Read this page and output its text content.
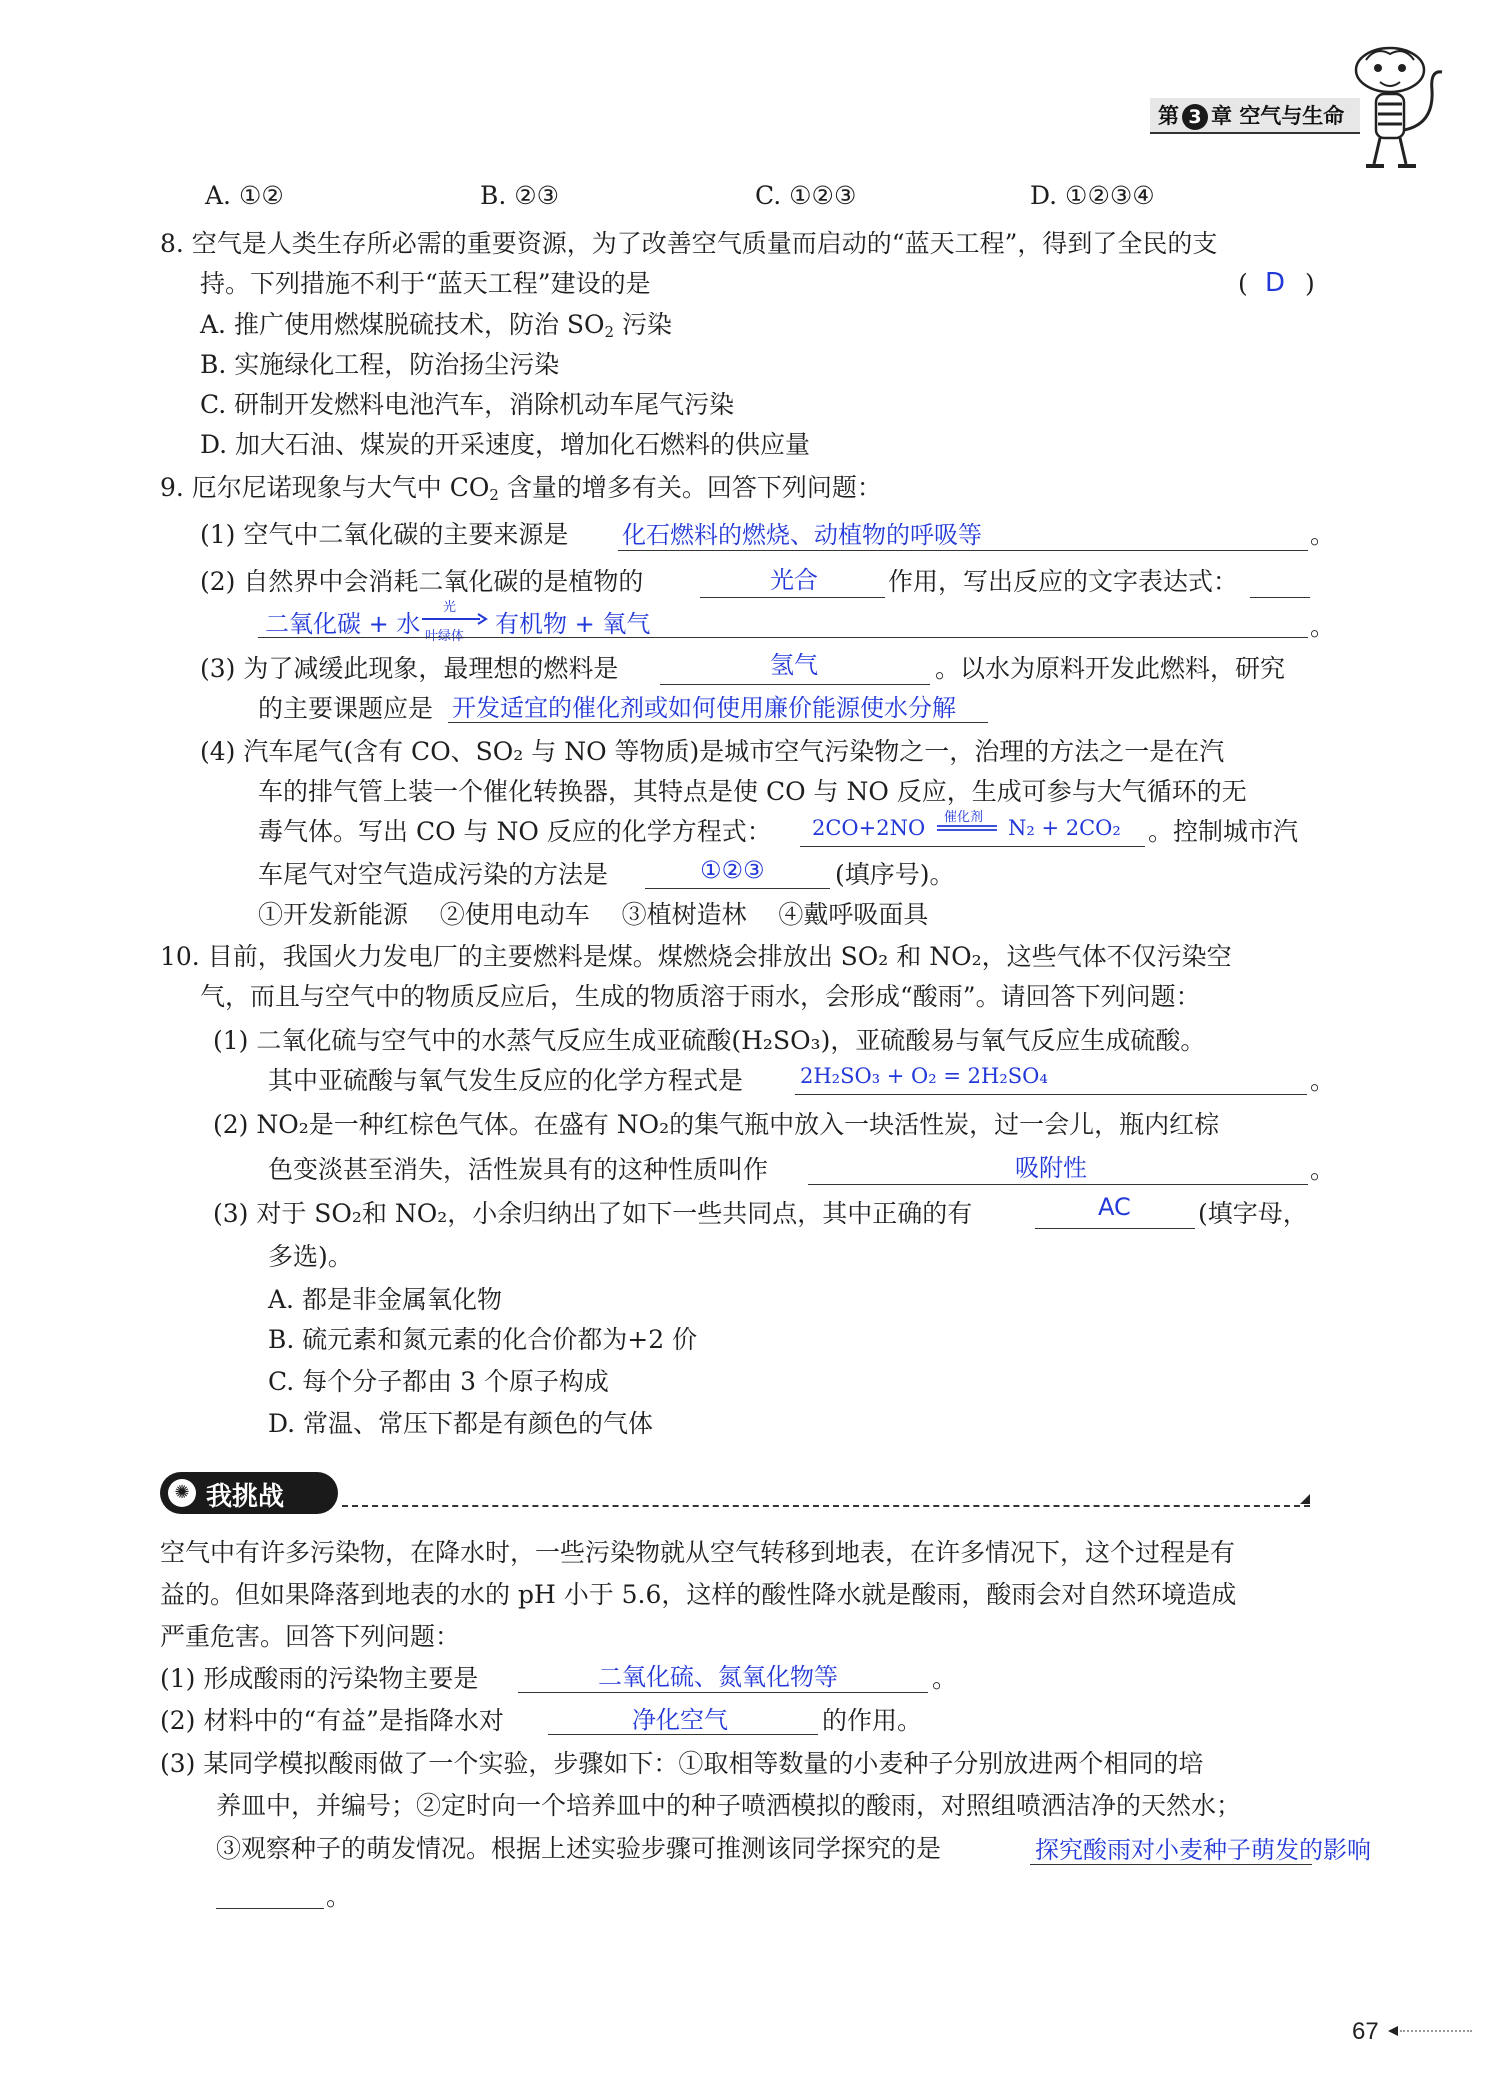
第 3 章 空气与生命
A. ①②	B. ②③	C. ①②③	D. ①②③④
8. 空气是人类生存所必需的重要资源，为了改善空气质量而启动的“蓝天工程”，得到了全民的支
持。下列措施不利于“蓝天工程”建设的是	( D )
A. 推广使用燃煤脱硫技术，防治 $SO_2$ 污染
B. 实施绿化工程，防治扬尘污染
C. 研制开发燃料电池汽车，消除机动车尾气污染
D. 加大石油、煤炭的开采速度，增加化石燃料的供应量
9. 厄尔尼诺现象与大气中 $CO_2$ 含量的增多有关。回答下列问题：
(1) 空气中二氧化碳的主要来源是 化石燃料的燃烧、动植物的呼吸等	。
(2) 自然界中会消耗二氧化碳的是植物的	光合	作用，写出反应的文字表达式：
二氧化碳 + 水
光
叶绿体 有机物 + 氧气	。
(3) 为了减缓此现象，最理想的燃料是	氢气	。以水为原料开发此燃料，研究
的主要课题应是 开发适宜的催化剂或如何使用廉价能源使水分解
(4) 汽车尾气(含有 CO、SO₂ 与 NO 等物质)是城市空气污染物之一，治理的方法之一是在汽
车的排气管上装一个催化转换器，其特点是使 CO 与 NO 反应，生成可参与大气循环的无
毒气体。写出 CO 与 NO 反应的化学方程式： 2CO+2NO 催化剂 N₂ + 2CO₂ 。控制城市汽
车尾气对空气造成污染的方法是	①②③	(填序号)。
①开发新能源    ②使用电动车    ③植树造林    ④戴呼吸面具
10. 目前，我国火力发电厂的主要燃料是煤。煤燃烧会排放出 SO₂ 和 NO₂，这些气体不仅污染空
气，而且与空气中的物质反应后，生成的物质溶于雨水，会形成“酸雨”。请回答下列问题：
(1) 二氧化硫与空气中的水蒸气反应生成亚硫酸(H₂SO₃)，亚硫酸易与氧气反应生成硫酸。
其中亚硫酸与氧气发生反应的化学方程式是	2H₂SO₃ + O₂ = 2H₂SO₄	。
(2) NO₂是一种红棕色气体。在盛有 NO₂的集气瓶中放入一块活性炭，过一会儿，瓶内红棕
色变淡甚至消失，活性炭具有的这种性质叫作	吸附性	。
(3) 对于 SO₂和 NO₂，小余归纳出了如下一些共同点，其中正确的有	AC	(填字母，
多选)。
A. 都是非金属氧化物
B. 硫元素和氮元素的化合价都为+2 价
C. 每个分子都由 3 个原子构成
D. 常温、常压下都是有颜色的气体
✺ 我挑战
空气中有许多污染物，在降水时，一些污染物就从空气转移到地表，在许多情况下，这个过程是有
益的。但如果降落到地表的水的 pH 小于 5.6，这样的酸性降水就是酸雨，酸雨会对自然环境造成
严重危害。回答下列问题：
(1) 形成酸雨的污染物主要是	二氧化硫、氮氧化物等	。
(2) 材料中的“有益”是指降水对	净化空气	的作用。
(3) 某同学模拟酸雨做了一个实验，步骤如下：①取相等数量的小麦种子分别放进两个相同的培
养皿中，并编号；②定时向一个培养皿中的种子喷洒模拟的酸雨，对照组喷洒洁净的天然水；
③观察种子的萌发情况。根据上述实验步骤可推测该同学探究的是	探究酸雨对小麦种子萌发的影响
。
67
